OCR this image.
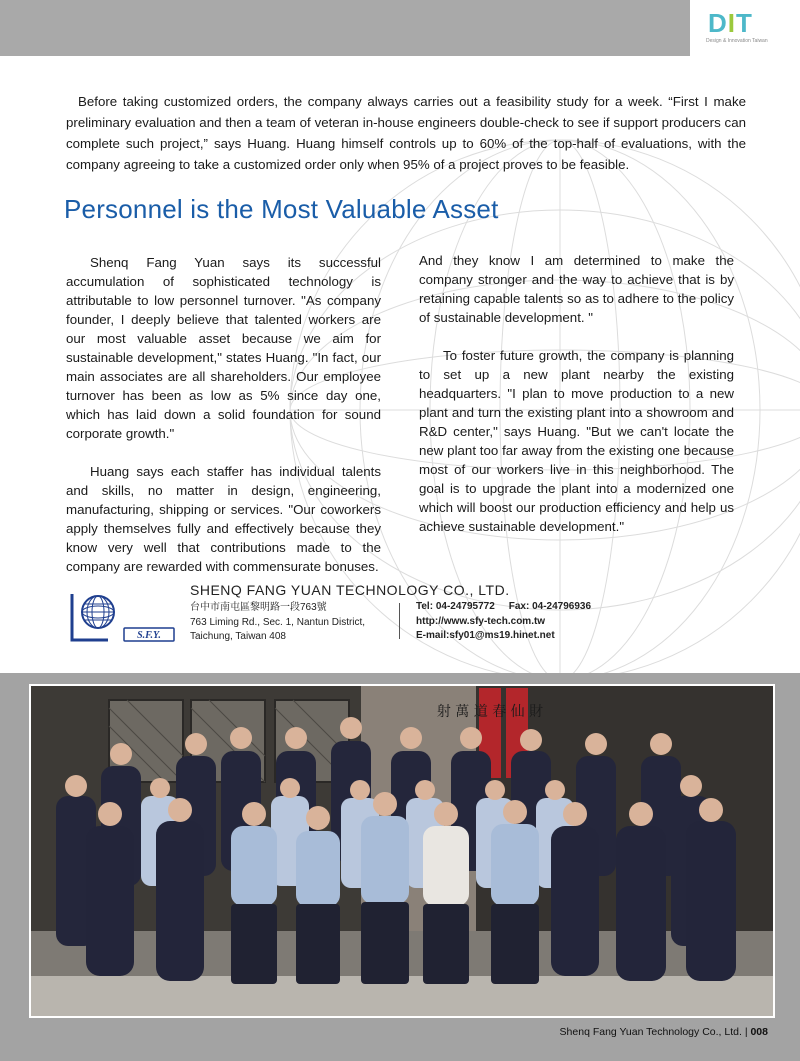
DIT
Design & Innovation Taiwan

Before taking customized orders, the company always carries out a feasibility study for a week. “First I make preliminary evaluation and then a team of veteran in-house engineers double-check to see if support producers can complete such project,” says Huang. Huang himself controls up to 60% of the top-half of evaluations, with the company agreeing to take a customized order only when 95% of a project proves to be feasible.

Personnel is the Most Valuable Asset

Shenq Fang Yuan says its successful accumulation of sophisticated technology is attributable to low personnel turnover. "As company founder, I deeply believe that talented workers are our most valuable asset because we aim for sustainable development," states Huang. "In fact, our main associates are all shareholders. Our employee turnover has been as low as 5% since day one, which has laid down a solid foundation for sound corporate growth."

Huang says each staffer has individual talents and skills, no matter in design, engineering, manufacturing, shipping or services. "Our coworkers apply themselves fully and effectively because they know very well that contributions made to the company are rewarded with commensurate bonuses.

And they know I am determined to make the company stronger and the way to achieve that is by retaining capable talents so as to adhere to the policy of sustainable development. "

To foster future growth, the company is planning to set up a new plant nearby the existing headquarters. "I plan to move production to a new plant and turn the existing plant into a showroom and R&D center," says Huang. "But we can't locate the new plant too far away from the existing one because most of our workers live in this neighborhood. The goal is to upgrade the plant into a modernized one which will boost our production efficiency and help us achieve sustainable development."

S.F.Y.
SHENQ FANG YUAN TECHNOLOGY CO., LTD.
台中市南屯區黎明路一段763號
763 Liming Rd., Sec. 1, Nantun District,
Taichung, Taiwan 408
Tel: 04-24795772 Fax: 04-24796936
http://www.sfy-tech.com.tw
E-mail:sfy01@ms19.hinet.net
射 萬 道 春 仙 財
Shenq Fang Yuan Technology Co., Ltd. | 008
